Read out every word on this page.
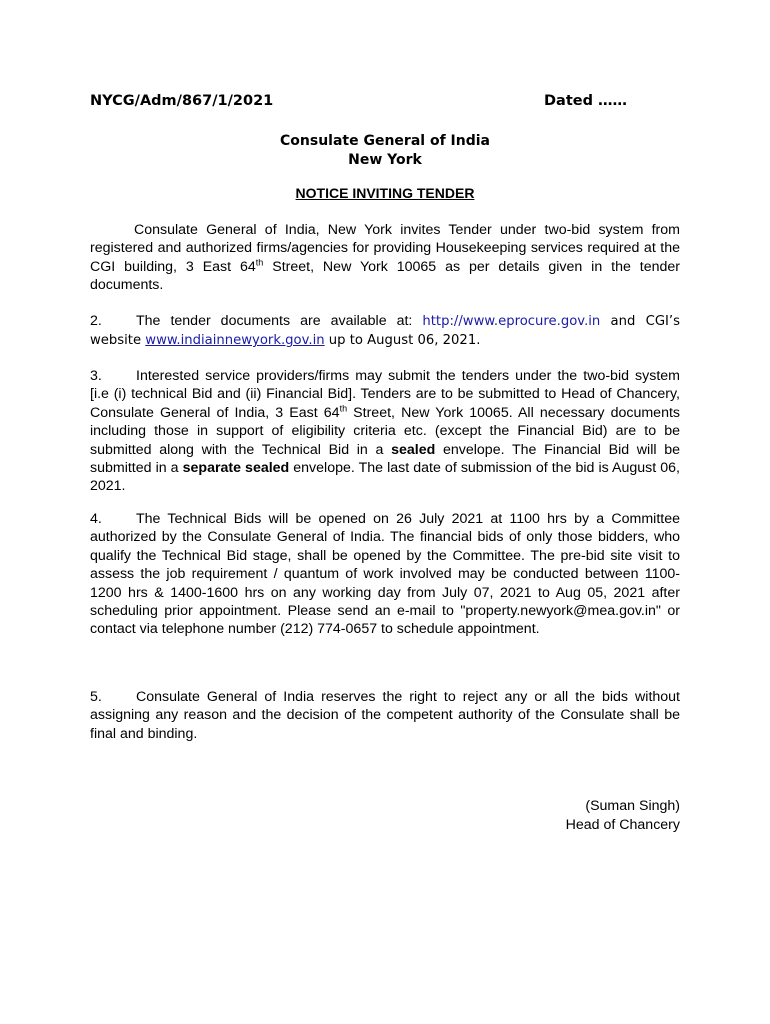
NYCG/Adm/867/1/2021	Dated ……
Consulate General of India
New York
NOTICE INVITING TENDER

Consulate General of India, New York invites Tender under two-bid system from registered and authorized firms/agencies for providing Housekeeping services required at the CGI building, 3 East 64th Street, New York 10065 as per details given in the tender documents.

2. The tender documents are available at: http://www.eprocure.gov.in and CGI’s website www.indiainnewyork.gov.in up to August 06, 2021.

3. Interested service providers/firms may submit the tenders under the two-bid system [i.e (i) technical Bid and (ii) Financial Bid]. Tenders are to be submitted to Head of Chancery, Consulate General of India, 3 East 64th Street, New York 10065. All necessary documents including those in support of eligibility criteria etc. (except the Financial Bid) are to be submitted along with the Technical Bid in a sealed envelope. The Financial Bid will be submitted in a separate sealed envelope. The last date of submission of the bid is August 06, 2021.

4. The Technical Bids will be opened on 26 July 2021 at 1100 hrs by a Committee authorized by the Consulate General of India. The financial bids of only those bidders, who qualify the Technical Bid stage, shall be opened by the Committee. The pre-bid site visit to assess the job requirement / quantum of work involved may be conducted between 1100-1200 hrs & 1400-1600 hrs on any working day from July 07, 2021 to Aug 05, 2021 after scheduling prior appointment. Please send an e-mail to "property.newyork@mea.gov.in" or contact via telephone number (212) 774-0657 to schedule appointment.

5. Consulate General of India reserves the right to reject any or all the bids without assigning any reason and the decision of the competent authority of the Consulate shall be final and binding.

(Suman Singh)
Head of Chancery
